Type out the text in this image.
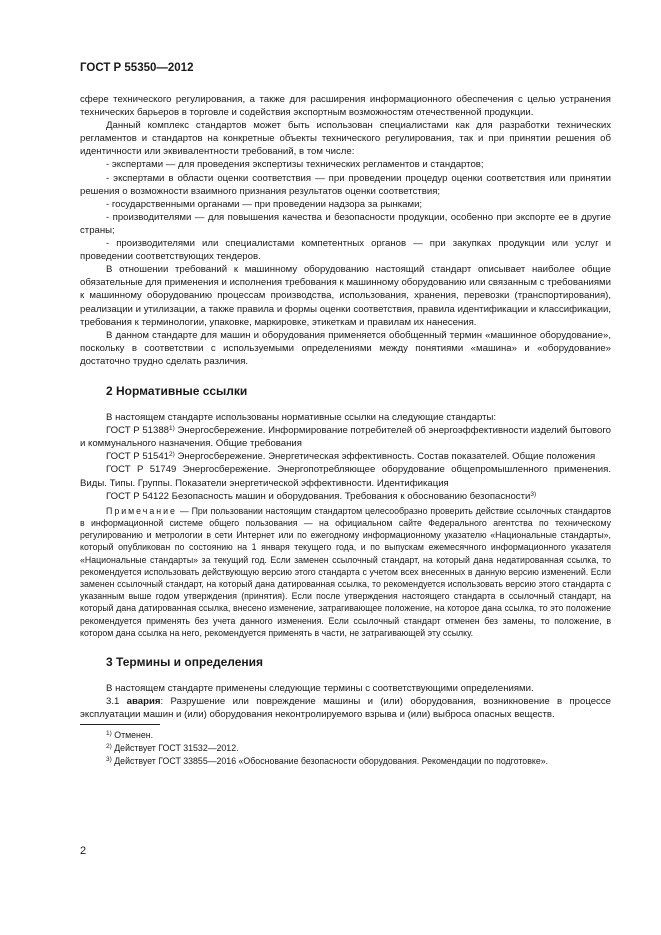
ГОСТ Р 55350—2012

сфере технического регулирования, а также для расширения информационного обеспечения с целью устранения технических барьеров в торговле и содействия экспортным возможностям отечественной продукции.

Данный комплекс стандартов может быть использован специалистами как для разработки технических регламентов и стандартов на конкретные объекты технического регулирования, так и при принятии решения об идентичности или эквивалентности требований, в том числе:

- экспертами — для проведения экспертизы технических регламентов и стандартов;

- экспертами в области оценки соответствия — при проведении процедур оценки соответствия или принятии решения о возможности взаимного признания результатов оценки соответствия;

- государственными органами — при проведении надзора за рынками;

- производителями — для повышения качества и безопасности продукции, особенно при экспорте ее в другие страны;

- производителями или специалистами компетентных органов — при закупках продукции или услуг и проведении соответствующих тендеров.

В отношении требований к машинному оборудованию настоящий стандарт описывает наиболее общие обязательные для применения и исполнения требования к машинному оборудованию или связанным с требованиями к машинному оборудованию процессам производства, использования, хранения, перевозки (транспортирования), реализации и утилизации, а также правила и формы оценки соответствия, правила идентификации и классификации, требования к терминологии, упаковке, маркировке, этикеткам и правилам их нанесения.

В данном стандарте для машин и оборудования применяется обобщенный термин «машинное оборудование», поскольку в соответствии с используемыми определениями между понятиями «машина» и «оборудование» достаточно трудно сделать различия.

2 Нормативные ссылки

В настоящем стандарте использованы нормативные ссылки на следующие стандарты:

ГОСТ Р 51388$^{1)}$ Энергосбережение. Информирование потребителей об энергоэффективности изделий бытового и коммунального назначения. Общие требования

ГОСТ Р 51541$^{2)}$ Энергосбережение. Энергетическая эффективность. Состав показателей. Общие положения

ГОСТ Р 51749 Энергосбережение. Энергопотребляющее оборудование общепромышленного применения. Виды. Типы. Группы. Показатели энергетической эффективности. Идентификация

ГОСТ Р 54122 Безопасность машин и оборудования. Требования к обоснованию безопасности$^{3)}$

Примечание — При пользовании настоящим стандартом целесообразно проверить действие ссылочных стандартов в информационной системе общего пользования — на официальном сайте Федерального агентства по техническому регулированию и метрологии в сети Интернет или по ежегодному информационному указателю «Национальные стандарты», который опубликован по состоянию на 1 января текущего года, и по выпускам ежемесячного информационного указателя «Национальные стандарты» за текущий год. Если заменен ссылочный стандарт, на который дана недатированная ссылка, то рекомендуется использовать действующую версию этого стандарта с учетом всех внесенных в данную версию изменений. Если заменен ссылочный стандарт, на который дана датированная ссылка, то рекомендуется использовать версию этого стандарта с указанным выше годом утверждения (принятия). Если после утверждения настоящего стандарта в ссылочный стандарт, на который дана датированная ссылка, внесено изменение, затрагивающее положение, на которое дана ссылка, то это положение рекомендуется применять без учета данного изменения. Если ссылочный стандарт отменен без замены, то положение, в котором дана ссылка на него, рекомендуется применять в части, не затрагивающей эту ссылку.

3 Термины и определения

В настоящем стандарте применены следующие термины с соответствующими определениями.

3.1 авария: Разрушение или повреждение машины и (или) оборудования, возникновение в процессе эксплуатации машин и (или) оборудования неконтролируемого взрыва и (или) выброса опасных веществ.

$^{1)}$ Отменен.
$^{2)}$ Действует ГОСТ 31532—2012.
$^{3)}$ Действует ГОСТ 33855—2016 «Обоснование безопасности оборудования. Рекомендации по подготовке».
2
